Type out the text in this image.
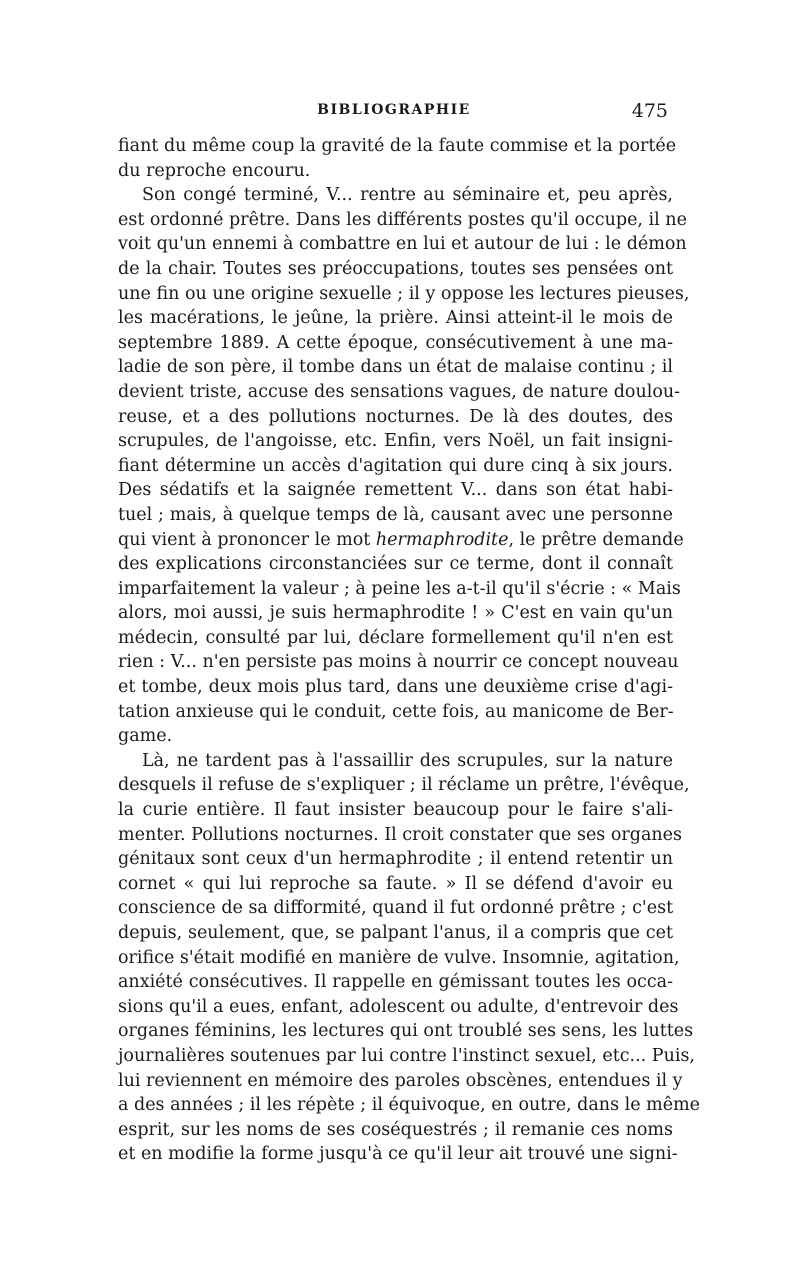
BIBLIOGRAPHIE	475
fiant du même coup la gravité de la faute commise et la portée
du reproche encouru.
Son congé terminé, V... rentre au séminaire et, peu après,
est ordonné prêtre. Dans les différents postes qu'il occupe, il ne
voit qu'un ennemi à combattre en lui et autour de lui : le démon
de la chair. Toutes ses préoccupations, toutes ses pensées ont
une fin ou une origine sexuelle ; il y oppose les lectures pieuses,
les macérations, le jeûne, la prière. Ainsi atteint-il le mois de
septembre 1889. A cette époque, consécutivement à une ma-
ladie de son père, il tombe dans un état de malaise continu ; il
devient triste, accuse des sensations vagues, de nature doulou-
reuse, et a des pollutions nocturnes. De là des doutes, des
scrupules, de l'angoisse, etc. Enfin, vers Noël, un fait insigni-
fiant détermine un accès d'agitation qui dure cinq à six jours.
Des sédatifs et la saignée remettent V... dans son état habi-
tuel ; mais, à quelque temps de là, causant avec une personne
qui vient à prononcer le mot hermaphrodite, le prêtre demande
des explications circonstanciées sur ce terme, dont il connaît
imparfaitement la valeur ; à peine les a-t-il qu'il s'écrie : « Mais
alors, moi aussi, je suis hermaphrodite ! » C'est en vain qu'un
médecin, consulté par lui, déclare formellement qu'il n'en est
rien : V... n'en persiste pas moins à nourrir ce concept nouveau
et tombe, deux mois plus tard, dans une deuxième crise d'agi-
tation anxieuse qui le conduit, cette fois, au manicome de Ber-
game.
Là, ne tardent pas à l'assaillir des scrupules, sur la nature
desquels il refuse de s'expliquer ; il réclame un prêtre, l'évêque,
la curie entière. Il faut insister beaucoup pour le faire s'ali-
menter. Pollutions nocturnes. Il croit constater que ses organes
génitaux sont ceux d'un hermaphrodite ; il entend retentir un
cornet « qui lui reproche sa faute. » Il se défend d'avoir eu
conscience de sa difformité, quand il fut ordonné prêtre ; c'est
depuis, seulement, que, se palpant l'anus, il a compris que cet
orifice s'était modifié en manière de vulve. Insomnie, agitation,
anxiété consécutives. Il rappelle en gémissant toutes les occa-
sions qu'il a eues, enfant, adolescent ou adulte, d'entrevoir des
organes féminins, les lectures qui ont troublé ses sens, les luttes
journalières soutenues par lui contre l'instinct sexuel, etc... Puis,
lui reviennent en mémoire des paroles obscènes, entendues il y
a des années ; il les répète ; il équivoque, en outre, dans le même
esprit, sur les noms de ses coséquestrés ; il remanie ces noms
et en modifie la forme jusqu'à ce qu'il leur ait trouvé une signi-
